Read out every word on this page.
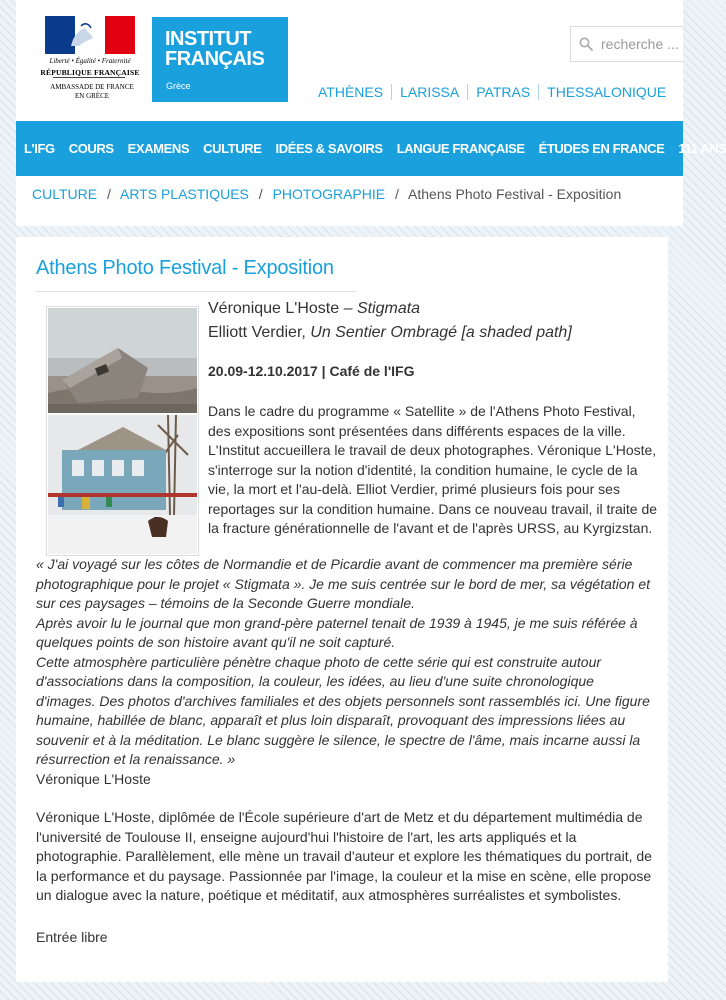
Liberté • Égalité • Fraternité
RÉPUBLIQUE FRANÇAISE
AMBASSADE DE FRANCE
EN GRÈCE
INSTITUT
FRANÇAIS
Grèce	ATHÈNES	LARISSA	PATRAS	THESSALONIQUE
recherche ...
L'IFG COURS EXAMENS CULTURE IDÉES & SAVOIRS LANGUE FRANÇAISE ÉTUDES EN FRANCE 111 ANS
CULTURE / ARTS PLASTIQUES / PHOTOGRAPHIE / Athens Photo Festival - Exposition
Athens Photo Festival - Exposition
Véronique L'Hoste – Stigmata
Elliott Verdier, Un Sentier Ombragé [a shaded path]
20.09-12.10.2017 | Café de l'IFG
Dans le cadre du programme « Satellite » de l'Athens Photo Festival, des expositions sont présentées dans différents espaces de la ville.
L'Institut accueillera le travail de deux photographes. Véronique L'Hoste, s'interroge sur la notion d'identité, la condition humaine, le cycle de la vie, la mort et l'au-delà. Elliot Verdier, primé plusieurs fois pour ses reportages sur la condition humaine. Dans ce nouveau travail, il traite de la fracture générationnelle de l'avant et de l'après URSS, au Kyrgizstan.
« J'ai voyagé sur les côtes de Normandie et de Picardie avant de commencer ma première série photographique pour le projet « Stigmata ». Je me suis centrée sur le bord de mer, sa végétation et sur ces paysages – témoins de la Seconde Guerre mondiale.
Après avoir lu le journal que mon grand-père paternel tenait de 1939 à 1945, je me suis référée à quelques points de son histoire avant qu'il ne soit capturé.
Cette atmosphère particulière pénètre chaque photo de cette série qui est construite autour d'associations dans la composition, la couleur, les idées, au lieu d'une suite chronologique d'images. Des photos d'archives familiales et des objets personnels sont rassemblés ici. Une figure humaine, habillée de blanc, apparaît et plus loin disparaît, provoquant des impressions liées au souvenir et à la méditation. Le blanc suggère le silence, le spectre de l'âme, mais incarne aussi la résurrection et la renaissance. »
Véronique L'Hoste
Véronique L'Hoste, diplômée de l'École supérieure d'art de Metz et du département multimédia de l'université de Toulouse II, enseigne aujourd'hui l'histoire de l'art, les arts appliqués et la photographie. Parallèlement, elle mène un travail d'auteur et explore les thématiques du portrait, de la performance et du paysage. Passionnée par l'image, la couleur et la mise en scène, elle propose un dialogue avec la nature, poétique et méditatif, aux atmosphères surréalistes et symbolistes.
Entrée libre
